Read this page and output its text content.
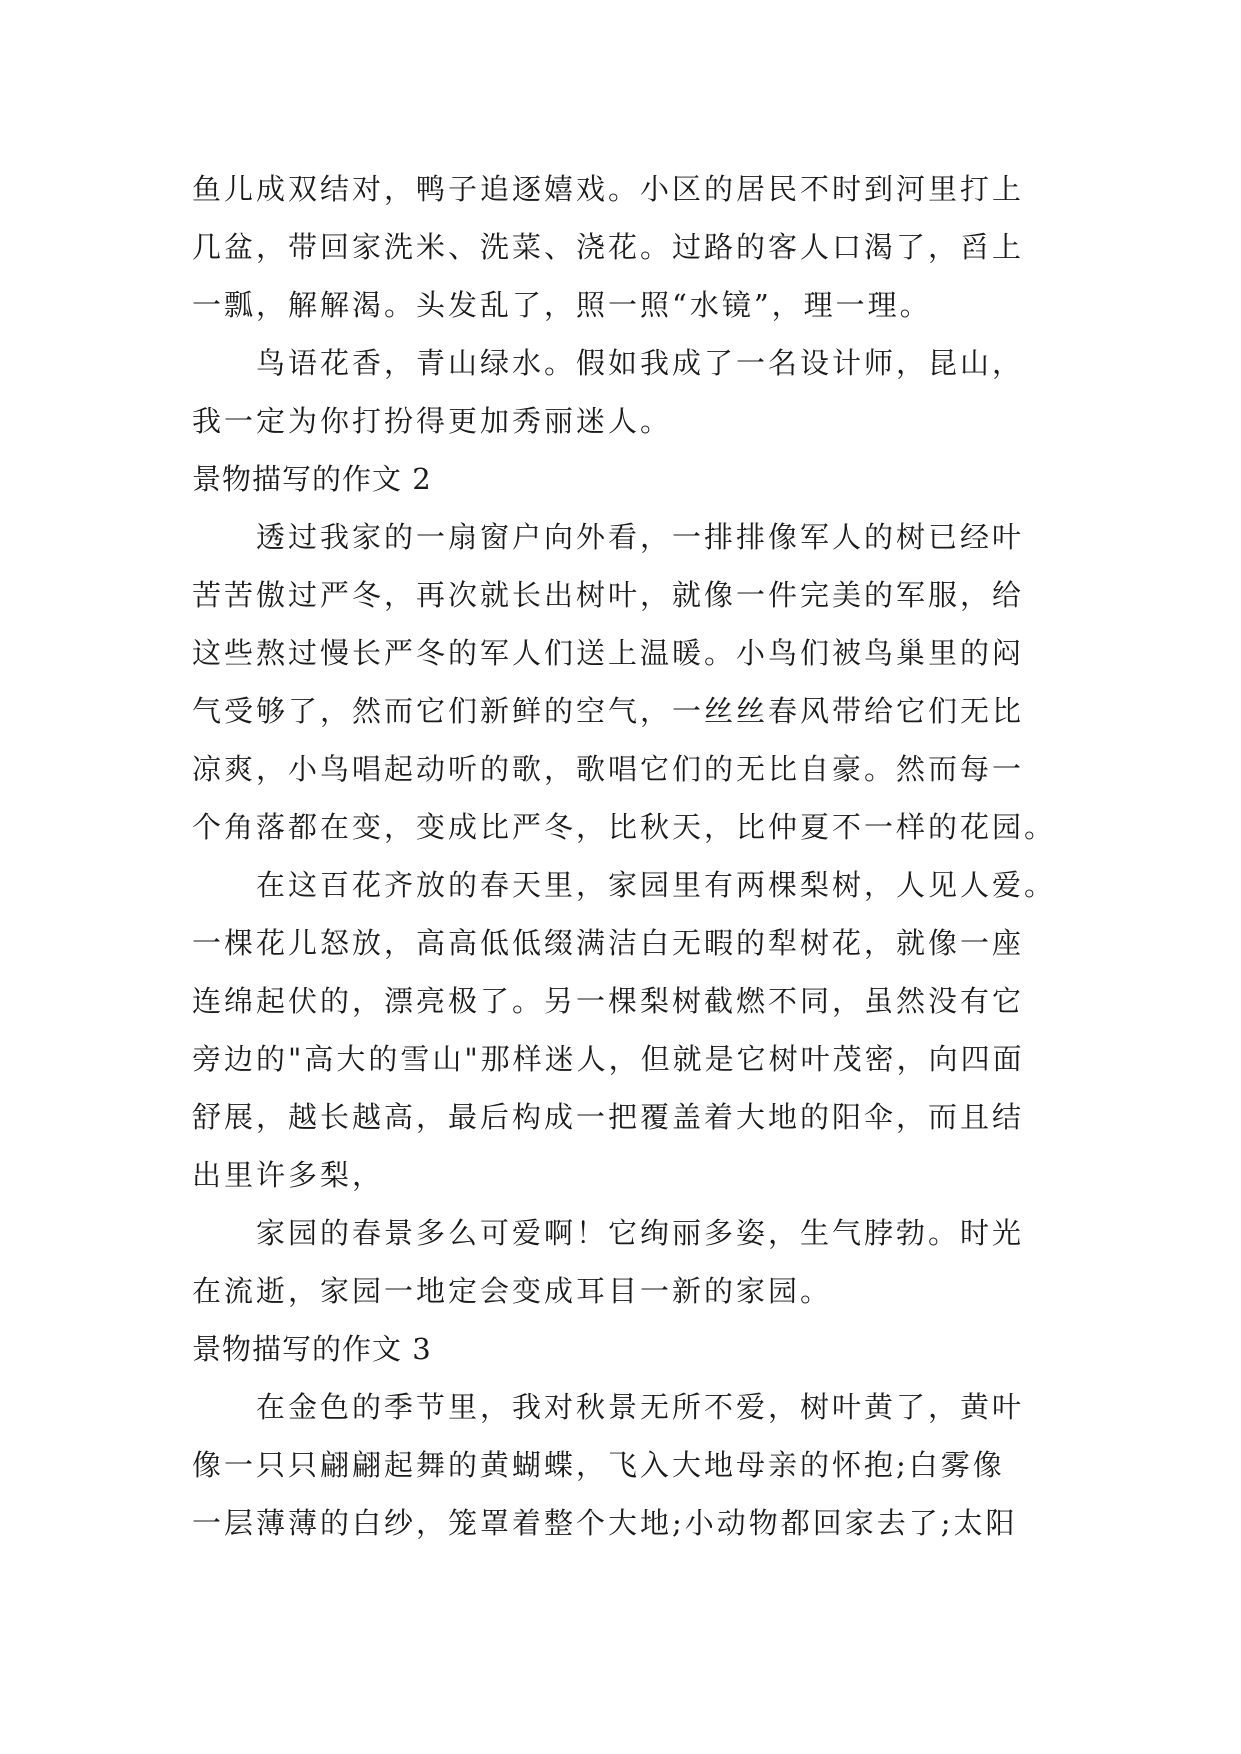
鱼儿成双结对，鸭子追逐嬉戏。小区的居民不时到河里打上
几盆，带回家洗米、洗菜、浇花。过路的客人口渴了，舀上
一瓢，解解渴。头发乱了，照一照“水镜”，理一理。
鸟语花香，青山绿水。假如我成了一名设计师，昆山，
我一定为你打扮得更加秀丽迷人。
景物描写的作文 2
透过我家的一扇窗户向外看，一排排像军人的树已经叶
苦苦傲过严冬，再次就长出树叶，就像一件完美的军服，给
这些熬过慢长严冬的军人们送上温暖。小鸟们被鸟巢里的闷
气受够了，然而它们新鲜的空气，一丝丝春风带给它们无比
凉爽，小鸟唱起动听的歌，歌唱它们的无比自豪。然而每一
个角落都在变，变成比严冬，比秋天，比仲夏不一样的花园。
在这百花齐放的春天里，家园里有两棵梨树，人见人爱。
一棵花儿怒放，高高低低缀满洁白无暇的犁树花，就像一座
连绵起伏的，漂亮极了。另一棵梨树截燃不同，虽然没有它
旁边的"高大的雪山"那样迷人，但就是它树叶茂密，向四面
舒展，越长越高，最后构成一把覆盖着大地的阳伞，而且结
出里许多梨，
家园的春景多么可爱啊！它绚丽多姿，生气脖勃。时光
在流逝，家园一地定会变成耳目一新的家园。
景物描写的作文 3
在金色的季节里，我对秋景无所不爱，树叶黄了，黄叶
像一只只翩翩起舞的黄蝴蝶，飞入大地母亲的怀抱;白雾像
一层薄薄的白纱，笼罩着整个大地;小动物都回家去了;太阳
